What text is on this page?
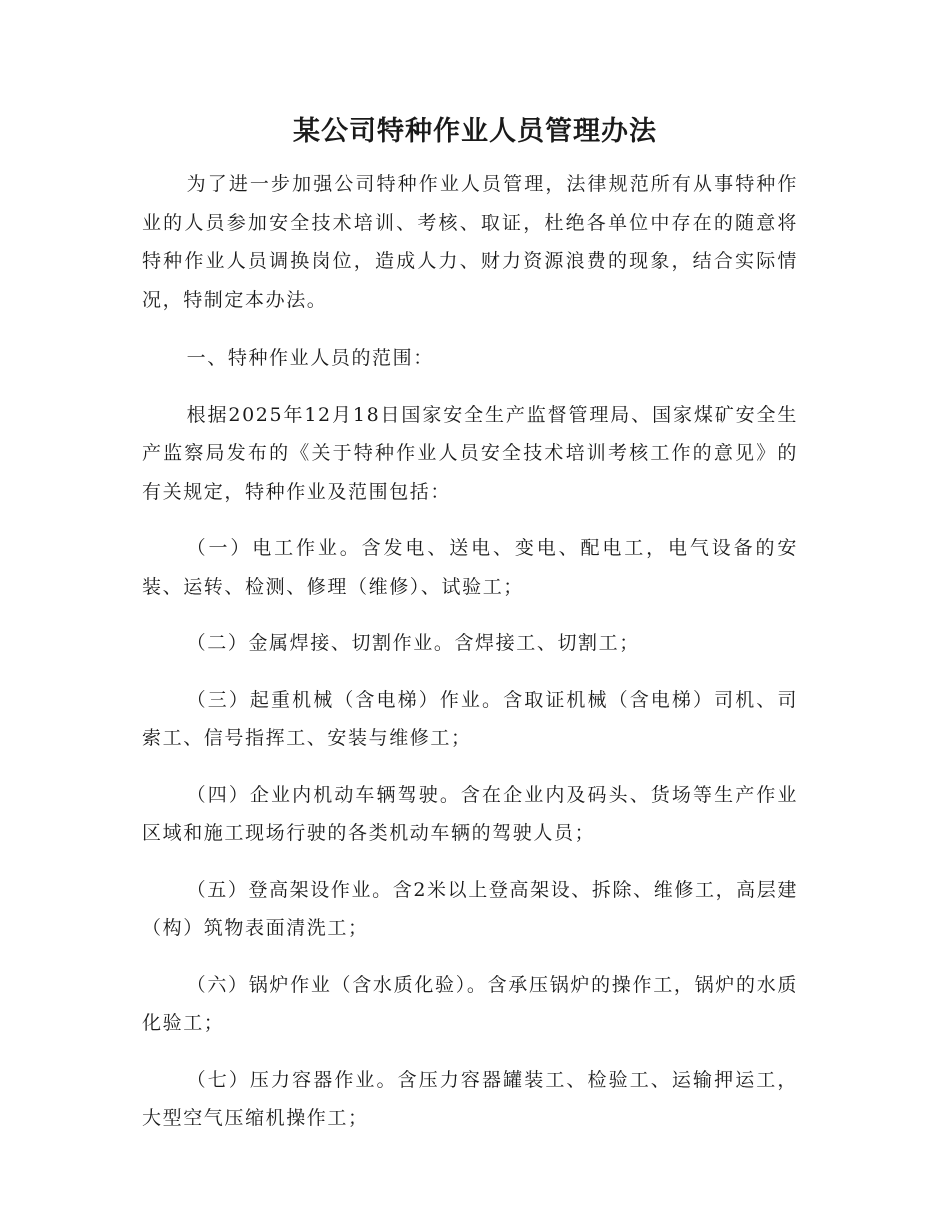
某公司特种作业人员管理办法

为了进一步加强公司特种作业人员管理，法律规范所有从事特种作业的人员参加安全技术培训、考核、取证，杜绝各单位中存在的随意将特种作业人员调换岗位，造成人力、财力资源浪费的现象，结合实际情况，特制定本办法。

一、特种作业人员的范围：

根据2025年12月18日国家安全生产监督管理局、国家煤矿安全生产监察局发布的《关于特种作业人员安全技术培训考核工作的意见》的有关规定，特种作业及范围包括：

（一）电工作业。含发电、送电、变电、配电工，电气设备的安装、运转、检测、修理（维修）、试验工；

（二）金属焊接、切割作业。含焊接工、切割工；

（三）起重机械（含电梯）作业。含取证机械（含电梯）司机、司索工、信号指挥工、安装与维修工；

（四）企业内机动车辆驾驶。含在企业内及码头、货场等生产作业区域和施工现场行驶的各类机动车辆的驾驶人员；

（五）登高架设作业。含2米以上登高架设、拆除、维修工，高层建（构）筑物表面清洗工；

（六）锅炉作业（含水质化验）。含承压锅炉的操作工，锅炉的水质化验工；

（七）压力容器作业。含压力容器罐装工、检验工、运输押运工，大型空气压缩机操作工；
